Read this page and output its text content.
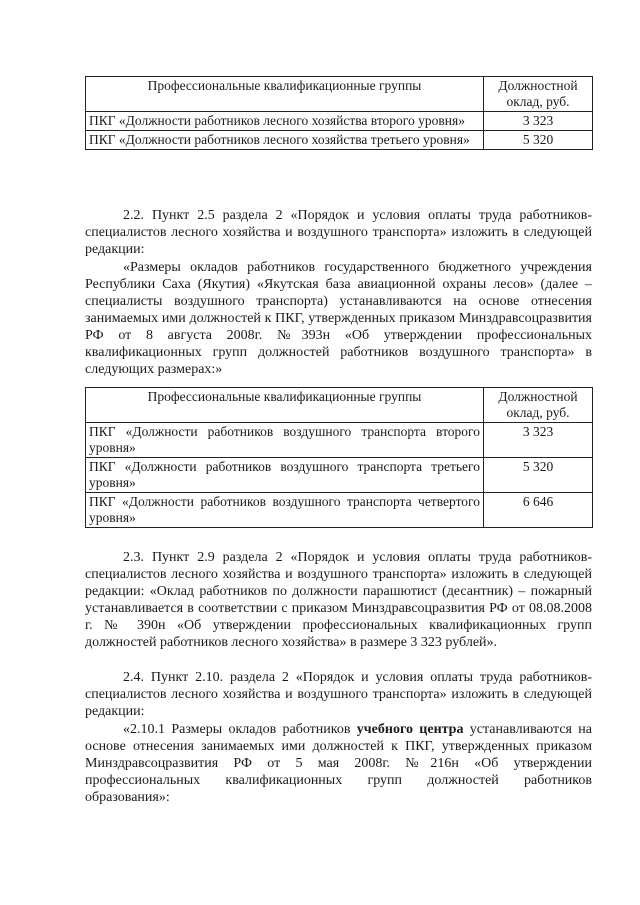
Профессиональные квалификационные группы	Должностной оклад, руб.
ПКГ «Должности работников лесного хозяйства второго уровня»	3 323
ПКГ «Должности работников лесного хозяйства третьего уровня»	5 320

2.2. Пункт 2.5 раздела 2 «Порядок и условия оплаты труда работников-специалистов лесного хозяйства и воздушного транспорта» изложить в следующей редакции:

«Размеры окладов работников государственного бюджетного учреждения Республики Саха (Якутия) «Якутская база авиационной охраны лесов» (далее – специалисты воздушного транспорта) устанавливаются на основе отнесения занимаемых ими должностей к ПКГ, утвержденных приказом Минздравсоцразвития РФ от 8 августа 2008г. №393н «Об утверждении профессиональных квалификационных групп должностей работников воздушного транспорта» в следующих размерах:»

Профессиональные квалификационные группы	Должностной оклад, руб.
ПКГ «Должности работников воздушного транспорта второго уровня»	3 323
ПКГ «Должности работников воздушного транспорта третьего уровня»	5 320
ПКГ «Должности работников воздушного транспорта четвертого уровня»	6 646

2.3. Пункт 2.9 раздела 2 «Порядок и условия оплаты труда работников-специалистов лесного хозяйства и воздушного транспорта» изложить в следующей редакции: «Оклад работников по должности парашютист (десантник) – пожарный устанавливается в соответствии с приказом Минздравсоцразвития РФ от 08.08.2008 г. № 390н «Об утверждении профессиональных квалификационных групп должностей работников лесного хозяйства» в размере 3 323 рублей».

2.4. Пункт 2.10. раздела 2 «Порядок и условия оплаты труда работников-специалистов лесного хозяйства и воздушного транспорта» изложить в следующей редакции:

«2.10.1 Размеры окладов работников учебного центра устанавливаются на основе отнесения занимаемых ими должностей к ПКГ, утвержденных приказом Минздравсоцразвития РФ от 5 мая 2008г. №216н «Об утверждении профессиональных квалификационных групп должностей работников образования»:
